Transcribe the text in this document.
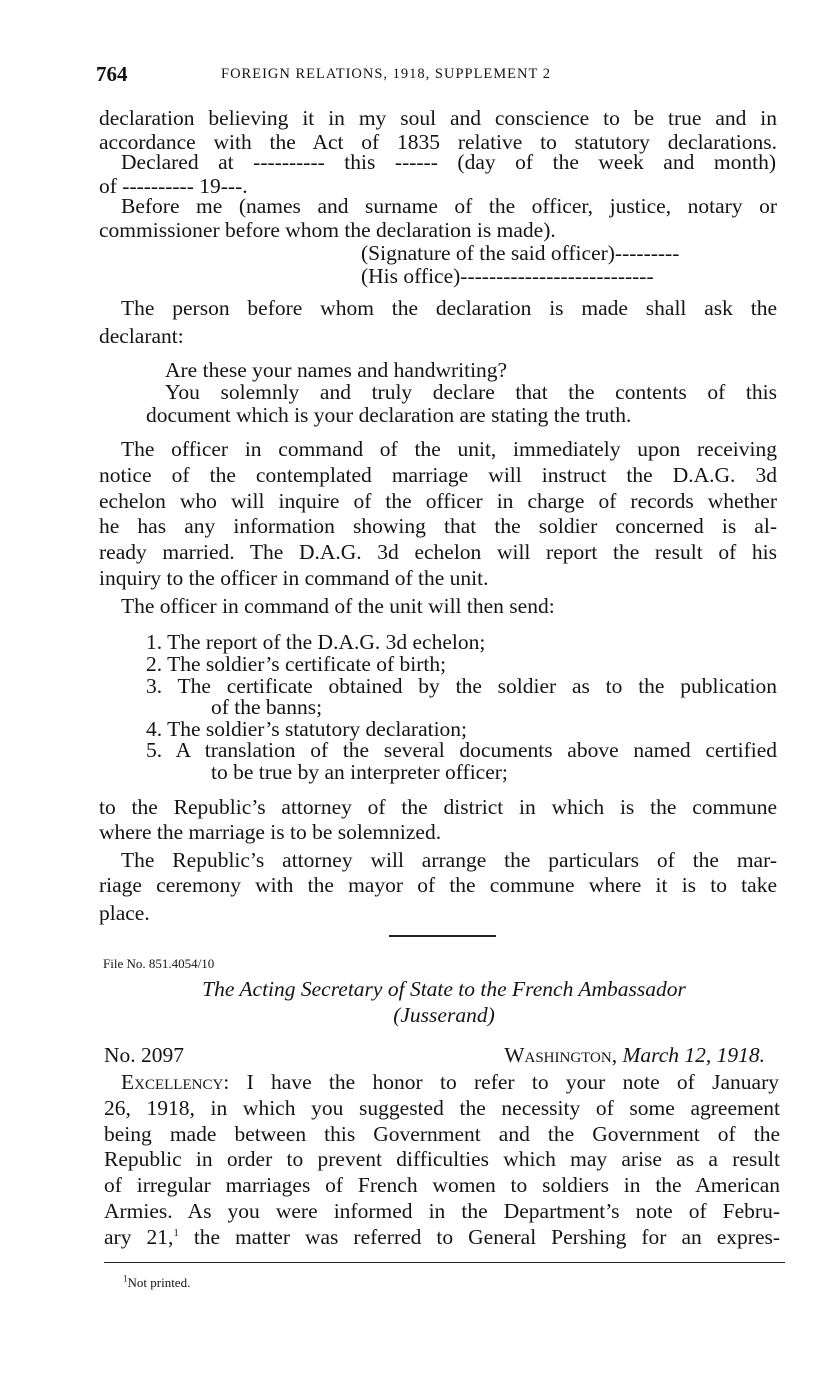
764	FOREIGN RELATIONS, 1918, SUPPLEMENT 2
declaration believing it in my soul and conscience to be true and in
accordance with the Act of 1835 relative to statutory declarations.
Declared at ---------- this ------ (day of the week and month)
of ---------- 19---.
Before me (names and surname of the officer, justice, notary or
commissioner before whom the declaration is made).
(Signature of the said officer)---------
(His office)---------------------------
The person before whom the declaration is made shall ask the
declarant:
Are these your names and handwriting?
You solemnly and truly declare that the contents of this
document which is your declaration are stating the truth.
The officer in command of the unit, immediately upon receiving
notice of the contemplated marriage will instruct the D.A.G. 3d
echelon who will inquire of the officer in charge of records whether
he has any information showing that the soldier concerned is al-
ready married. The D.A.G. 3d echelon will report the result of his
inquiry to the officer in command of the unit.
The officer in command of the unit will then send:
1. The report of the D.A.G. 3d echelon;
2. The soldier’s certificate of birth;
3. The certificate obtained by the soldier as to the publication
of the banns;
4. The soldier’s statutory declaration;
5. A translation of the several documents above named certified
to be true by an interpreter officer;
to the Republic’s attorney of the district in which is the commune
where the marriage is to be solemnized.
The Republic’s attorney will arrange the particulars of the mar-
riage ceremony with the mayor of the commune where it is to take
place.
File No. 851.4054/10
The Acting Secretary of State to the French Ambassador
(Jusserand)
No. 2097	Washington, March 12, 1918.
Excellency: I have the honor to refer to your note of January
26, 1918, in which you suggested the necessity of some agreement
being made between this Government and the Government of the
Republic in order to prevent difficulties which may arise as a result
of irregular marriages of French women to soldiers in the American
Armies. As you were informed in the Department’s note of Febru-
ary 21,$^1$ the matter was referred to General Pershing for an expres-
$^1$Not printed.
